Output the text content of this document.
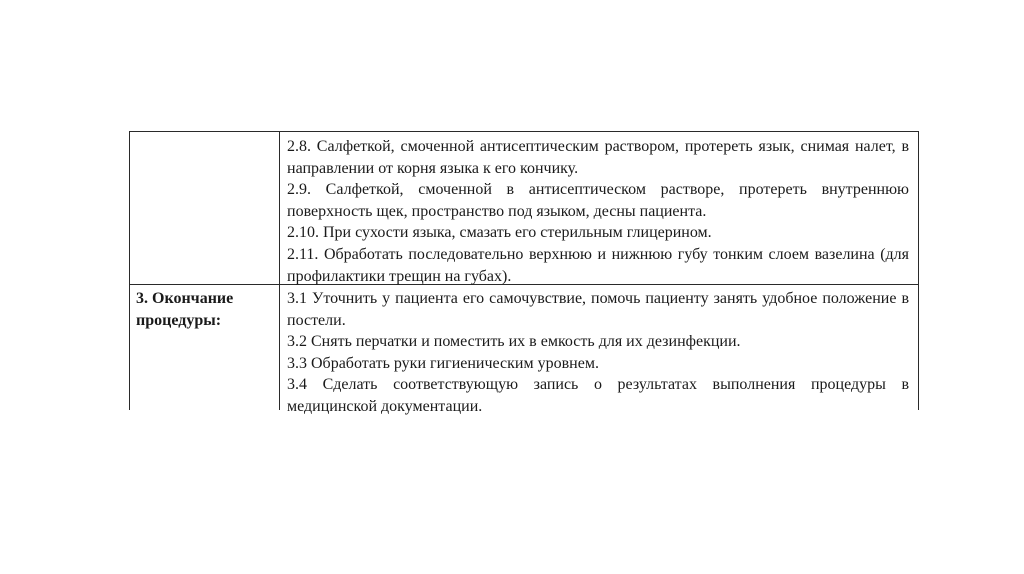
2.8. Салфеткой, смоченной антисептическим раствором, протереть язык, снимая налет, в направлении от корня языка к его кончику.

2.9. Салфеткой, смоченной в антисептическом растворе, протереть внутреннюю поверхность щек, пространство под языком, десны пациента.

2.10. При сухости языка, смазать его стерильным глицерином.

2.11. Обработать последовательно верхнюю и нижнюю губу тонким слоем вазелина (для профилактики трещин на губах).

3. Окончание процедуры:

3.1 Уточнить у пациента его самочувствие, помочь пациенту занять удобное положение в постели.

3.2 Снять перчатки и поместить их в емкость для их дезинфекции.

3.3 Обработать руки гигиеническим уровнем.

3.4 Сделать соответствующую запись о результатах выполнения процедуры в медицинской документации.
